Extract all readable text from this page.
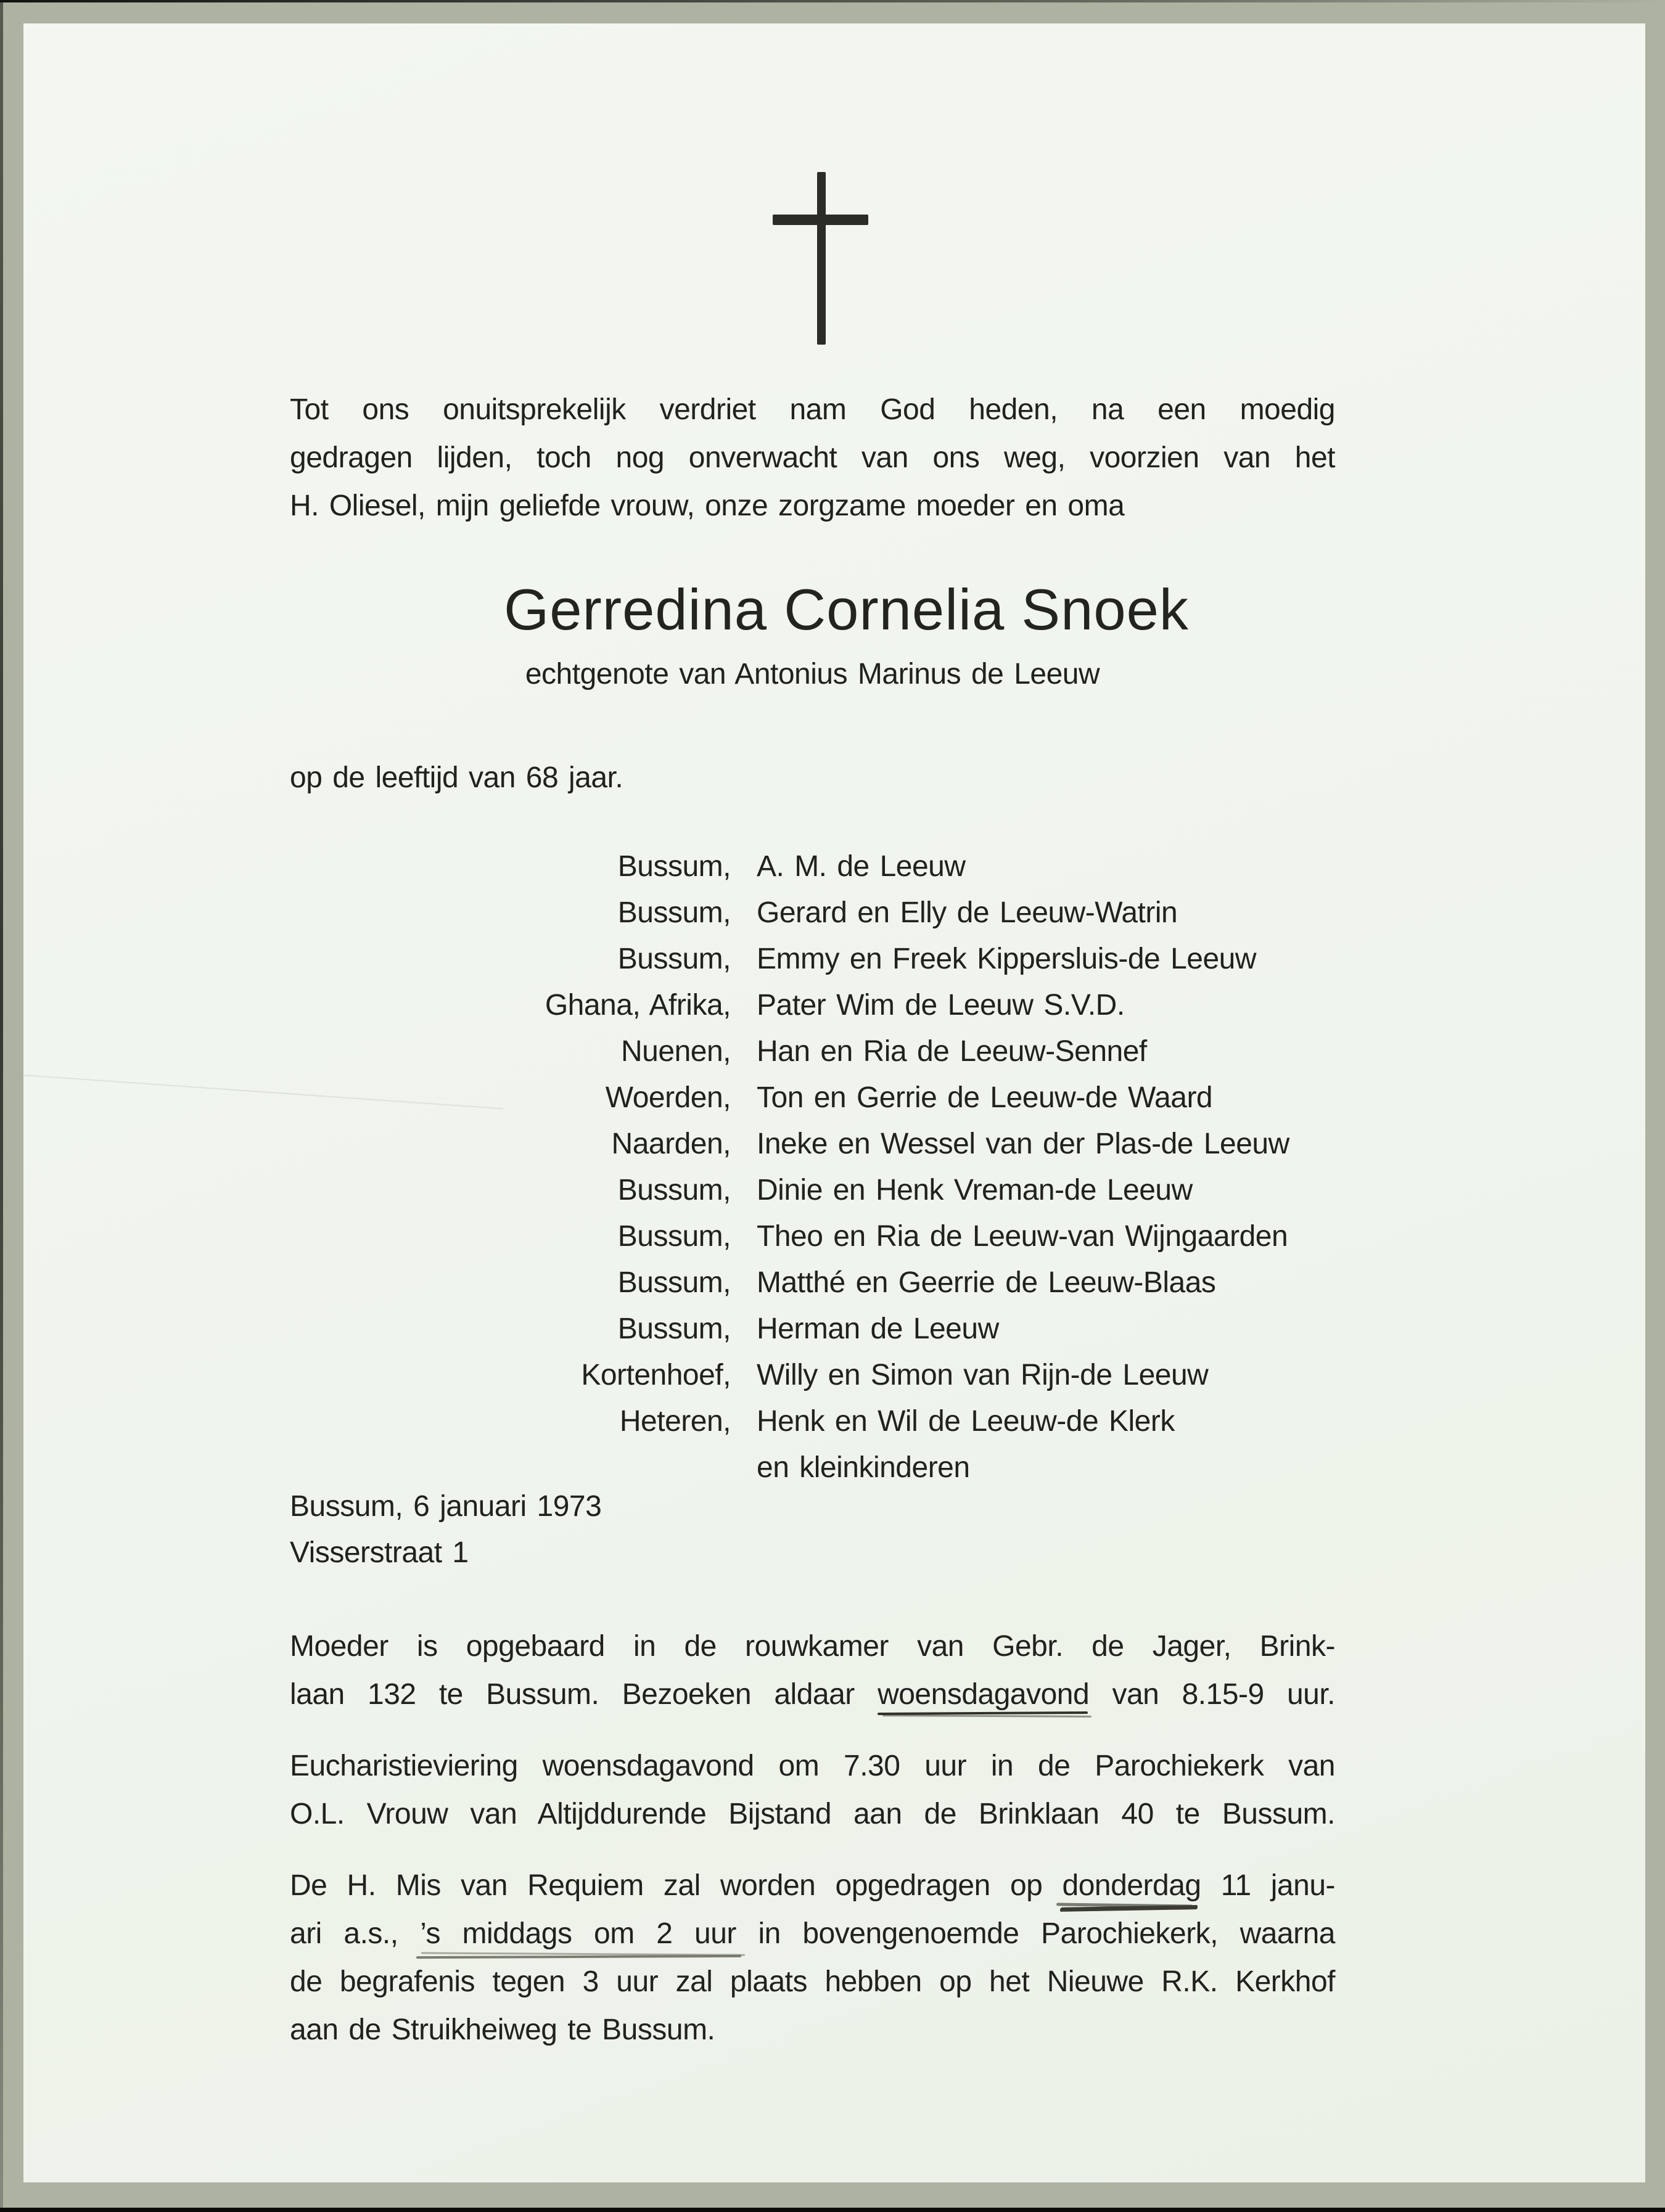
Tot ons onuitsprekelijk verdriet nam God heden, na een moedig
gedragen lijden, toch nog onverwacht van ons weg, voorzien van het
H. Oliesel, mijn geliefde vrouw, onze zorgzame moeder en oma
Gerredina Cornelia Snoek
echtgenote van Antonius Marinus de Leeuw
op de leeftijd van 68 jaar.
Bussum, A. M. de Leeuw
Bussum, Gerard en Elly de Leeuw-Watrin
Bussum, Emmy en Freek Kippersluis-de Leeuw
Ghana, Afrika, Pater Wim de Leeuw S.V.D.
Nuenen, Han en Ria de Leeuw-Sennef
Woerden, Ton en Gerrie de Leeuw-de Waard
Naarden, Ineke en Wessel van der Plas-de Leeuw
Bussum, Dinie en Henk Vreman-de Leeuw
Bussum, Theo en Ria de Leeuw-van Wijngaarden
Bussum, Matthé en Geerrie de Leeuw-Blaas
Bussum, Herman de Leeuw
Kortenhoef, Willy en Simon van Rijn-de Leeuw
Heteren, Henk en Wil de Leeuw-de Klerk
en kleinkinderen
Bussum, 6 januari 1973
Visserstraat 1
Moeder is opgebaard in de rouwkamer van Gebr. de Jager, Brink-
laan 132 te Bussum. Bezoeken aldaar woensdagavond van 8.15-9 uur.
Eucharistieviering woensdagavond om 7.30 uur in de Parochiekerk van
O.L. Vrouw van Altijddurende Bijstand aan de Brinklaan 40 te Bussum.
De H. Mis van Requiem zal worden opgedragen op donderdag 11 janu-
ari a.s., ’s middags om 2 uur in bovengenoemde Parochiekerk, waarna
de begrafenis tegen 3 uur zal plaats hebben op het Nieuwe R.K. Kerkhof
aan de Struikheiweg te Bussum.
